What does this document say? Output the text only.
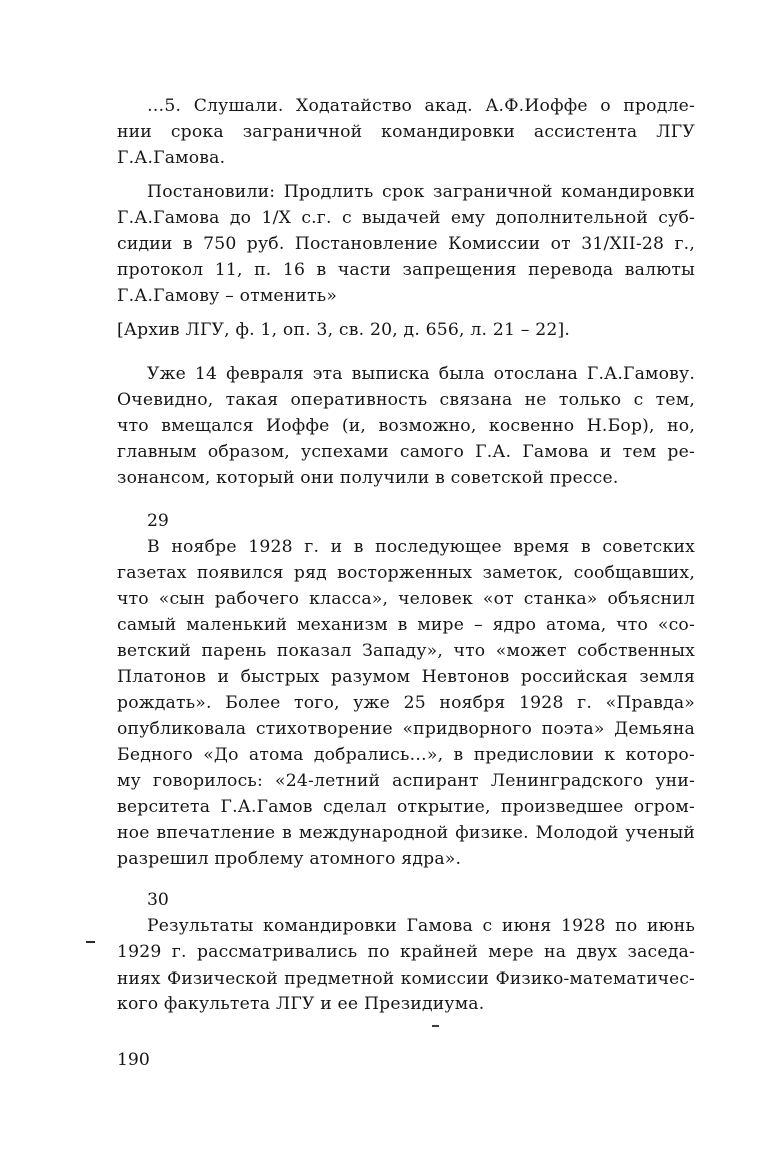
…5. Слушали. Ходатайство акад. А.Ф.Иоффе о продле-
нии срока заграничной командировки ассистента ЛГУ
Г.А.Гамова.
Постановили: Продлить срок заграничной командировки
Г.А.Гамова до 1/X с.г. с выдачей ему дополнительной суб-
сидии в 750 руб. Постановление Комиссии от 31/XII-28 г.,
протокол 11, п. 16 в части запрещения перевода валюты
Г.А.Гамову – отменить»
[Архив ЛГУ, ф. 1, оп. 3, св. 20, д. 656, л. 21 – 22].
Уже 14 февраля эта выписка была отослана Г.А.Гамову.
Очевидно, такая оперативность связана не только с тем,
что вмещался Иоффе (и, возможно, косвенно Н.Бор), но,
главным образом, успехами самого Г.А. Гамова и тем ре-
зонансом, который они получили в советской прессе.
29
В ноябре 1928 г. и в последующее время в советских
газетах появился ряд восторженных заметок, сообщавших,
что «сын рабочего класса», человек «от станка» объяснил
самый маленький механизм в мире – ядро атома, что «со-
ветский парень показал Западу», что «может собственных
Платонов и быстрых разумом Невтонов российская земля
рождать». Более того, уже 25 ноября 1928 г. «Правда»
опубликовала стихотворение «придворного поэта» Демьяна
Бедного «До атома добрались…», в предисловии к которо-
му говорилось: «24-летний аспирант Ленинградского уни-
верситета Г.А.Гамов сделал открытие, произведшее огром-
ное впечатление в международной физике. Молодой ученый
разрешил проблему атомного ядра».
30
Результаты командировки Гамова с июня 1928 по июнь
1929 г. рассматривались по крайней мере на двух заседа-
ниях Физической предметной комиссии Физико-математичес-
кого факультета ЛГУ и ее Президиума.
190
